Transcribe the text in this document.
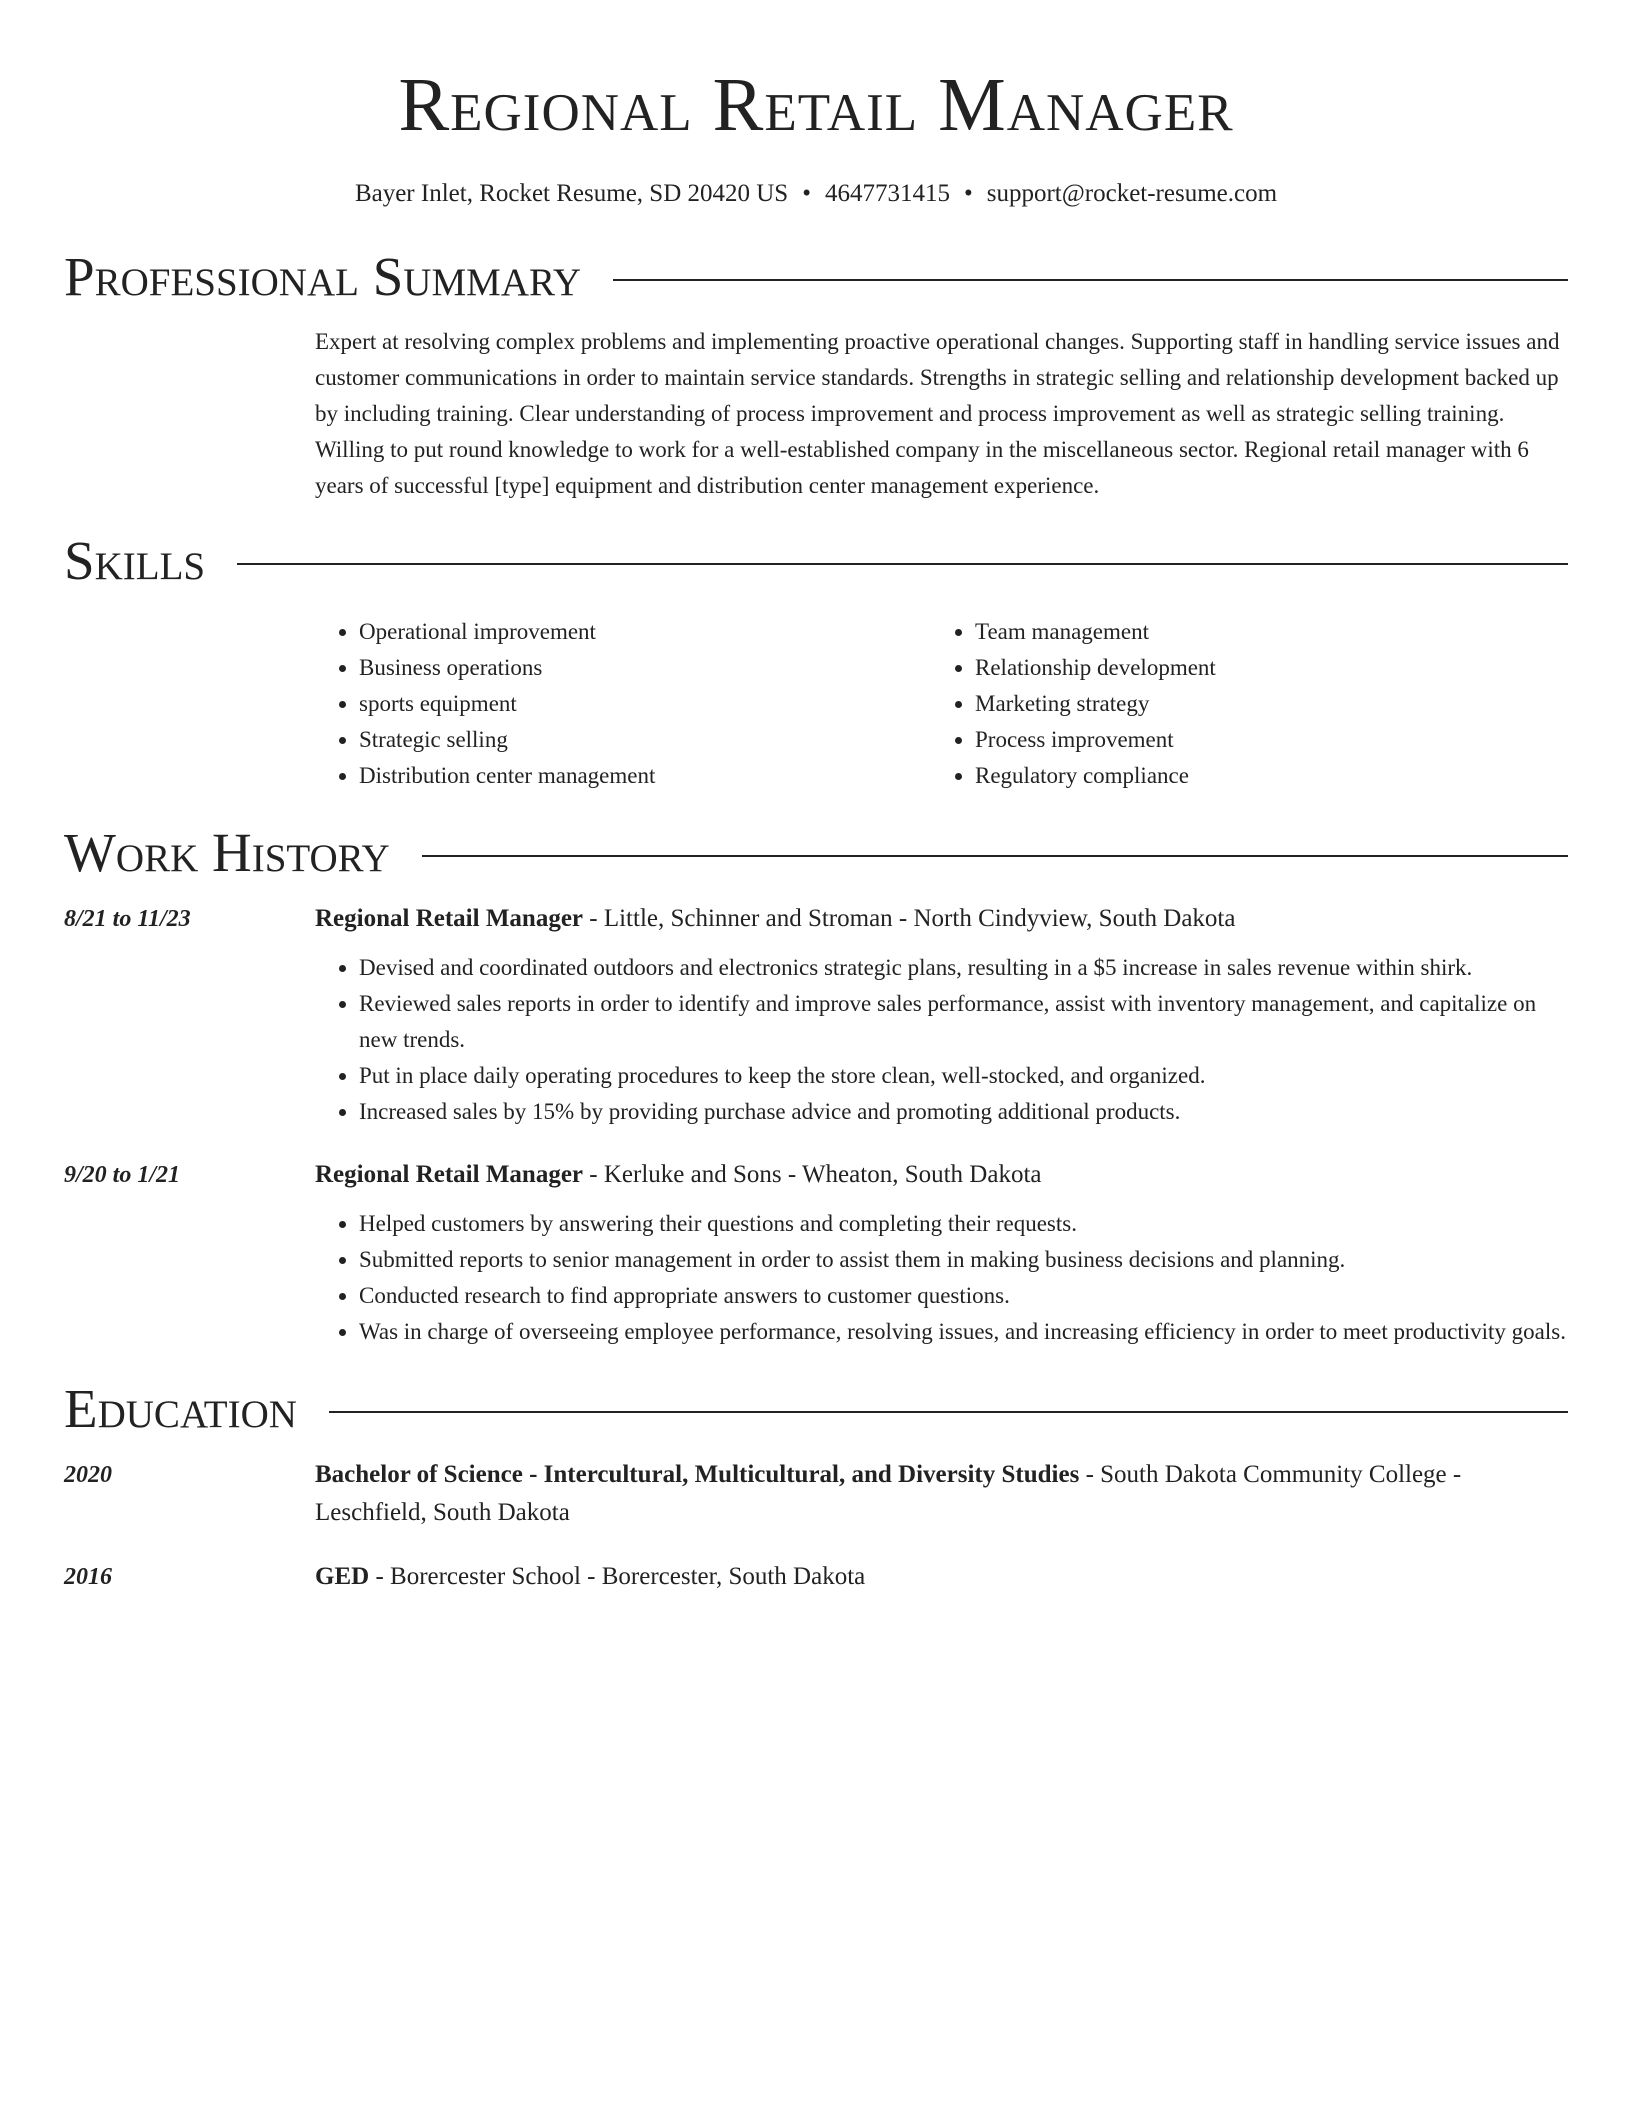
Regional Retail Manager
Bayer Inlet, Rocket Resume, SD 20420 US • 4647731415 • support@rocket-resume.com
Professional Summary
Expert at resolving complex problems and implementing proactive operational changes. Supporting staff in handling service issues and customer communications in order to maintain service standards. Strengths in strategic selling and relationship development backed up by including training. Clear understanding of process improvement and process improvement as well as strategic selling training. Willing to put round knowledge to work for a well-established company in the miscellaneous sector. Regional retail manager with 6 years of successful [type] equipment and distribution center management experience.
Skills
• Operational improvement
• Business operations
• sports equipment
• Strategic selling
• Distribution center management
• Team management
• Relationship development
• Marketing strategy
• Process improvement
• Regulatory compliance
Work History
8/21 to 11/23	Regional Retail Manager - Little, Schinner and Stroman - North Cindyview, South Dakota
• Devised and coordinated outdoors and electronics strategic plans, resulting in a $5 increase in sales revenue within shirk.
• Reviewed sales reports in order to identify and improve sales performance, assist with inventory management, and capitalize on new trends.
• Put in place daily operating procedures to keep the store clean, well-stocked, and organized.
• Increased sales by 15% by providing purchase advice and promoting additional products.
9/20 to 1/21	Regional Retail Manager - Kerluke and Sons - Wheaton, South Dakota
• Helped customers by answering their questions and completing their requests.
• Submitted reports to senior management in order to assist them in making business decisions and planning.
• Conducted research to find appropriate answers to customer questions.
• Was in charge of overseeing employee performance, resolving issues, and increasing efficiency in order to meet productivity goals.
Education
2020	Bachelor of Science - Intercultural, Multicultural, and Diversity Studies - South Dakota Community College - Leschfield, South Dakota
2016	GED - Borercester School - Borercester, South Dakota
